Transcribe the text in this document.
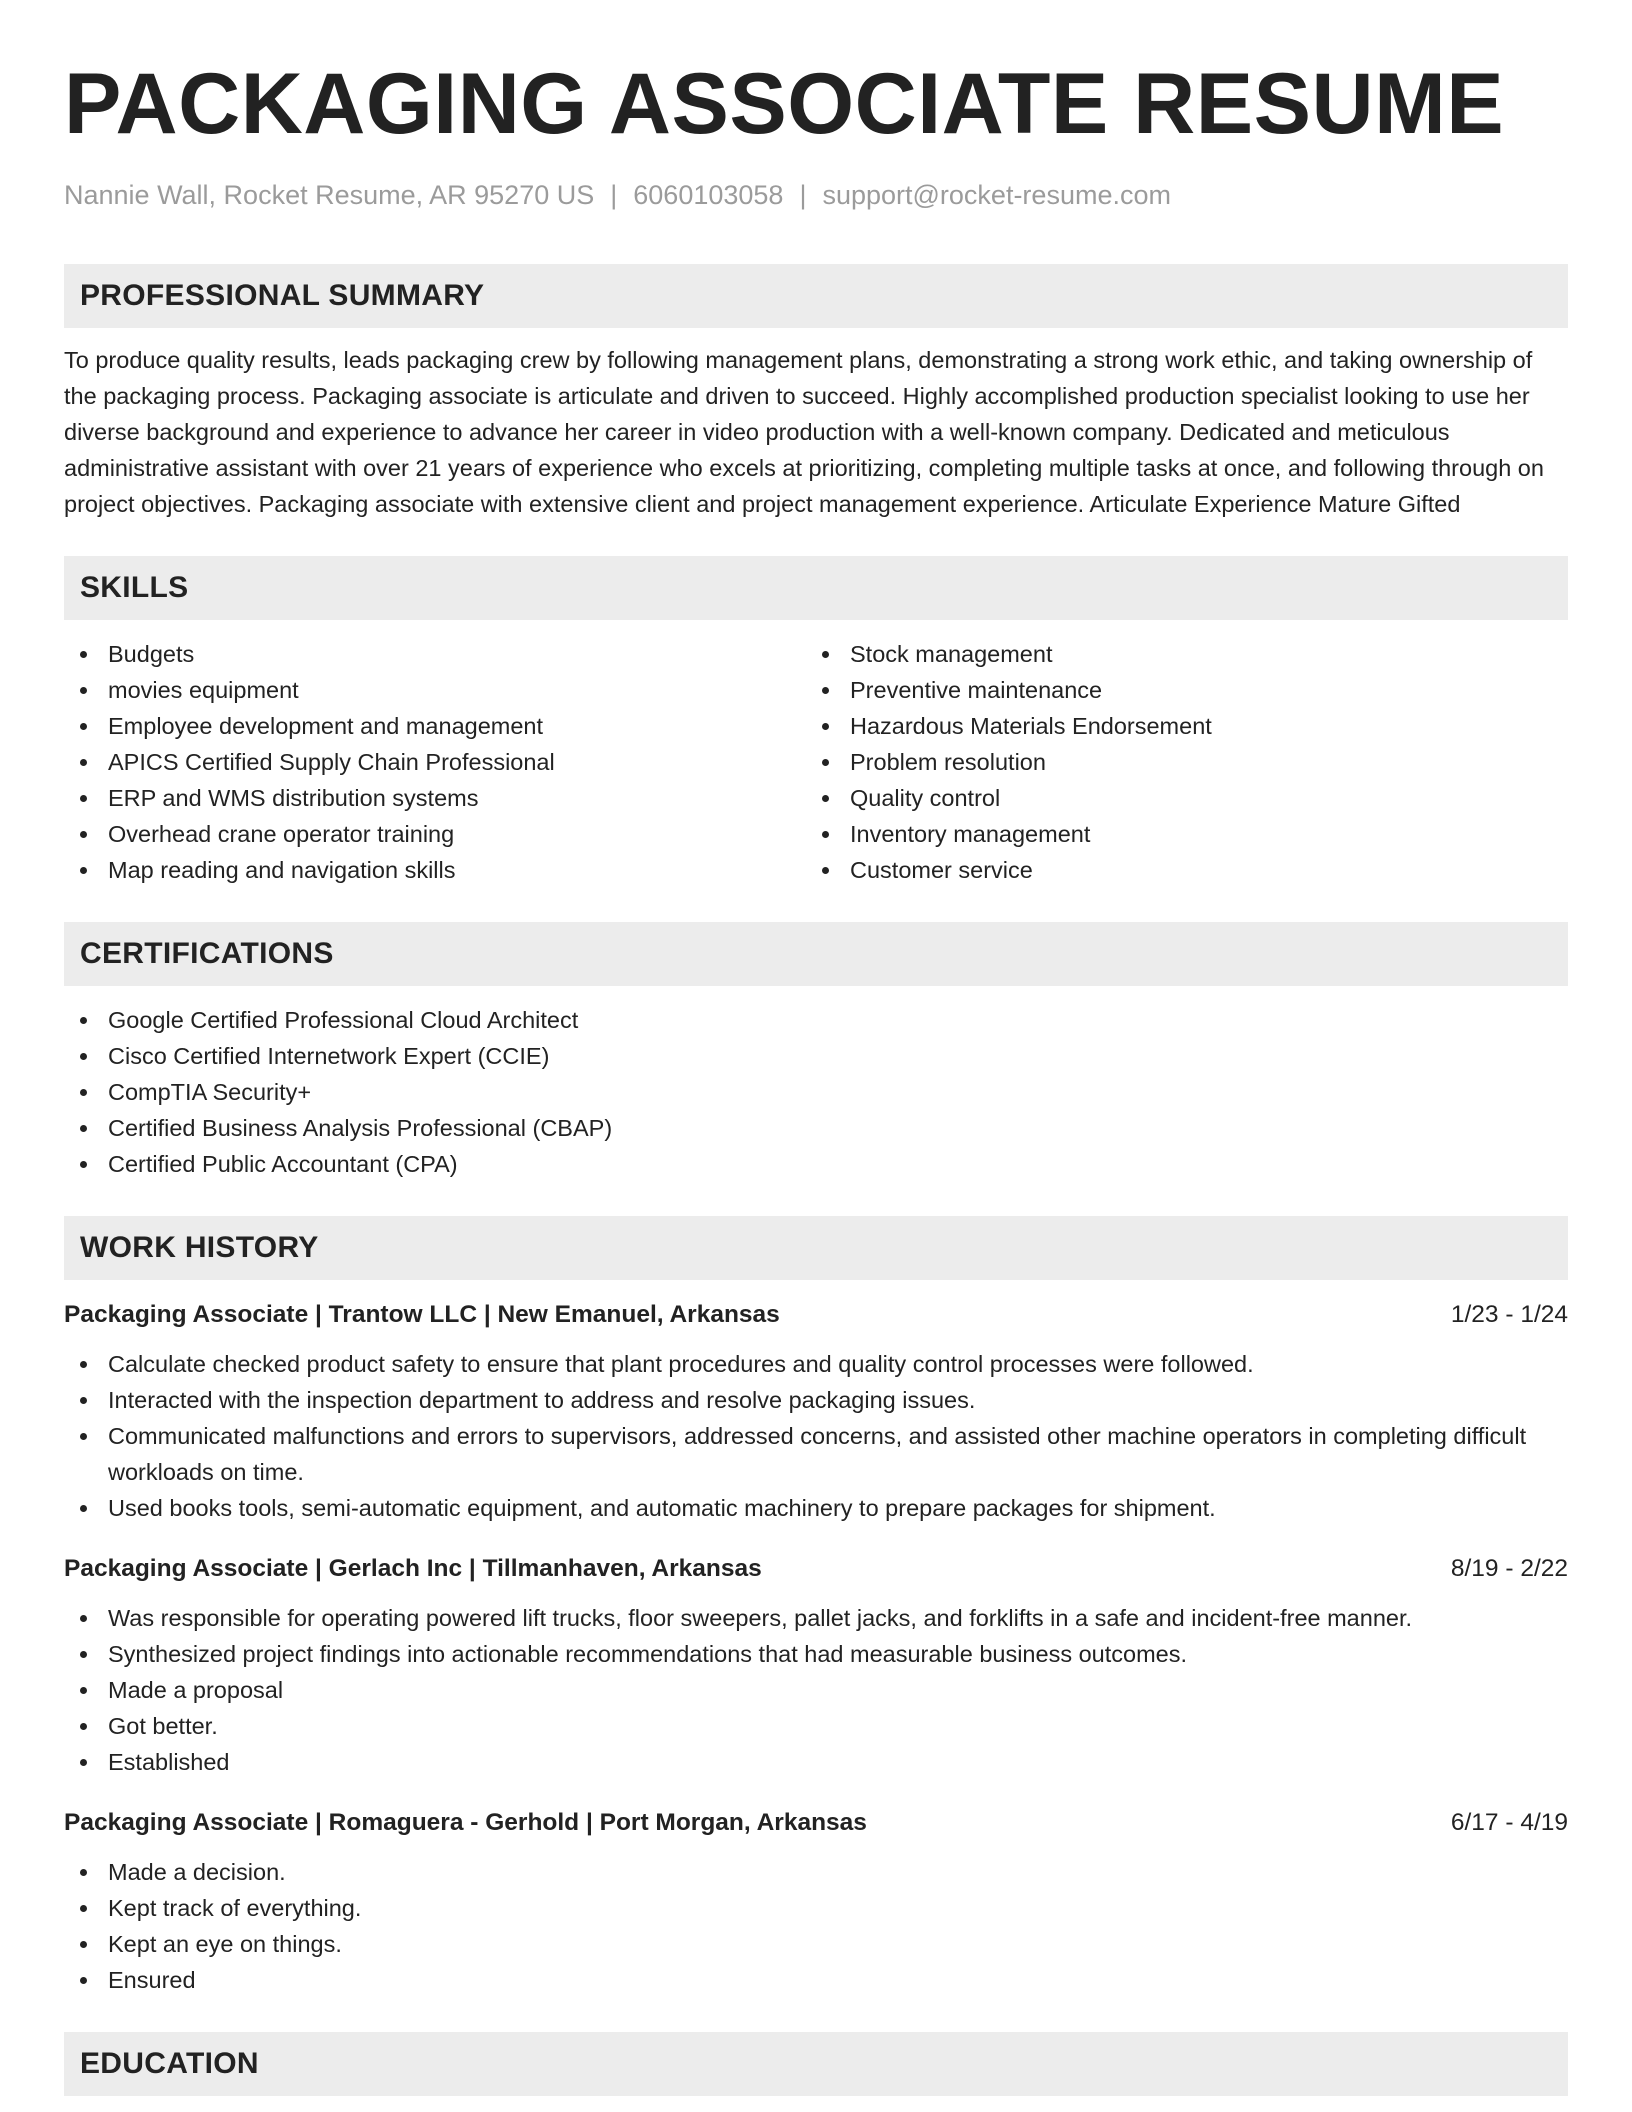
PACKAGING ASSOCIATE RESUME
Nannie Wall, Rocket Resume, AR 95270 US | 6060103058 | support@rocket-resume.com
PROFESSIONAL SUMMARY
To produce quality results, leads packaging crew by following management plans, demonstrating a strong work ethic, and taking ownership of the packaging process. Packaging associate is articulate and driven to succeed. Highly accomplished production specialist looking to use her diverse background and experience to advance her career in video production with a well-known company. Dedicated and meticulous administrative assistant with over 21 years of experience who excels at prioritizing, completing multiple tasks at once, and following through on project objectives. Packaging associate with extensive client and project management experience. Articulate Experience Mature Gifted
SKILLS
Budgets
movies equipment
Employee development and management
APICS Certified Supply Chain Professional
ERP and WMS distribution systems
Overhead crane operator training
Map reading and navigation skills
Stock management
Preventive maintenance
Hazardous Materials Endorsement
Problem resolution
Quality control
Inventory management
Customer service
CERTIFICATIONS
Google Certified Professional Cloud Architect
Cisco Certified Internetwork Expert (CCIE)
CompTIA Security+
Certified Business Analysis Professional (CBAP)
Certified Public Accountant (CPA)
WORK HISTORY
Packaging Associate | Trantow LLC | New Emanuel, Arkansas	1/23 - 1/24
Calculate checked product safety to ensure that plant procedures and quality control processes were followed.
Interacted with the inspection department to address and resolve packaging issues.
Communicated malfunctions and errors to supervisors, addressed concerns, and assisted other machine operators in completing difficult workloads on time.
Used books tools, semi-automatic equipment, and automatic machinery to prepare packages for shipment.
Packaging Associate | Gerlach Inc | Tillmanhaven, Arkansas	8/19 - 2/22
Was responsible for operating powered lift trucks, floor sweepers, pallet jacks, and forklifts in a safe and incident-free manner.
Synthesized project findings into actionable recommendations that had measurable business outcomes.
Made a proposal
Got better.
Established
Packaging Associate | Romaguera - Gerhold | Port Morgan, Arkansas	6/17 - 4/19
Made a decision.
Kept track of everything.
Kept an eye on things.
Ensured
EDUCATION
